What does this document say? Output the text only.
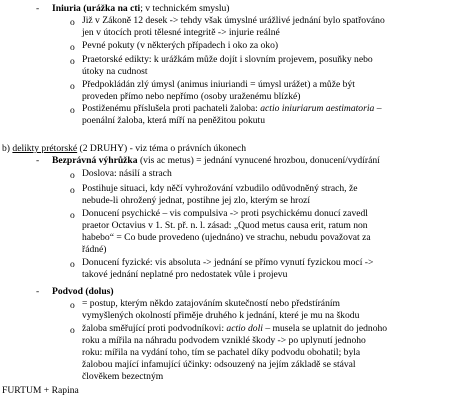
- Iniuria (urážka na cti; v technickém smyslu)
o Již v Zákoně 12 desek -> tehdy však úmyslné urážlivé jednání bylo spatřováno
jen v útocích proti tělesné integritě -> injurie reálné
o Pevné pokuty (v některých případech i oko za oko)
o Praetorské edikty: k urážkám může dojít i slovním projevem, posuňky nebo
útoky na cudnost
o Předpokládán zlý úmysl (animus iniuriandi = úmysl urážet) a může být
proveden přímo nebo nepřímo (osoby uraženému blízké)
o Postiženému příslušela proti pachateli žaloba: actio iniuriarum aestimatoria –
poenální žaloba, která míří na peněžitou pokutu
b) delikty prétorské (2 DRUHY) - viz téma o právních úkonech
- Bezprávná výhrůžka (vis ac metus) = jednání vynucené hrozbou, donucení/vydírání
o Doslova: násilí a strach
o Postihuje situaci, kdy něčí vyhrožování vzbudilo odůvodněný strach, že
nebude-li ohrožený jednat, postihne jej zlo, kterým se hrozí
o Donucení psychické – vis compulsiva -> proti psychickému donucí zavedl
praetor Octavius v 1. St. př. n. l. zásad: „Quod metus causa erit, ratum non
habebo“ = Co bude provedeno (ujednáno) ve strachu, nebudu považovat za
řádné)
o Donucení fyzické: vis absoluta -> jednání se přímo vynutí fyzickou mocí ->
takové jednání neplatné pro nedostatek vůle i projevu
- Podvod (dolus)
o = postup, kterým někdo zatajováním skutečností nebo předstíráním
vymyšlených okolností přiměje druhého k jednání, které je mu na škodu
o žaloba směřující proti podvodníkovi: actio doli – musela se uplatnit do jednoho
roku a mířila na náhradu podvodem vzniklé škody -> po uplynutí jednoho
roku: mířila na vydání toho, tím se pachatel díky podvodu obohatil; byla
žalobou mající infamující účinky: odsouzený na jejím základě se stával
člověkem bezectným
FURTUM + Rapina
